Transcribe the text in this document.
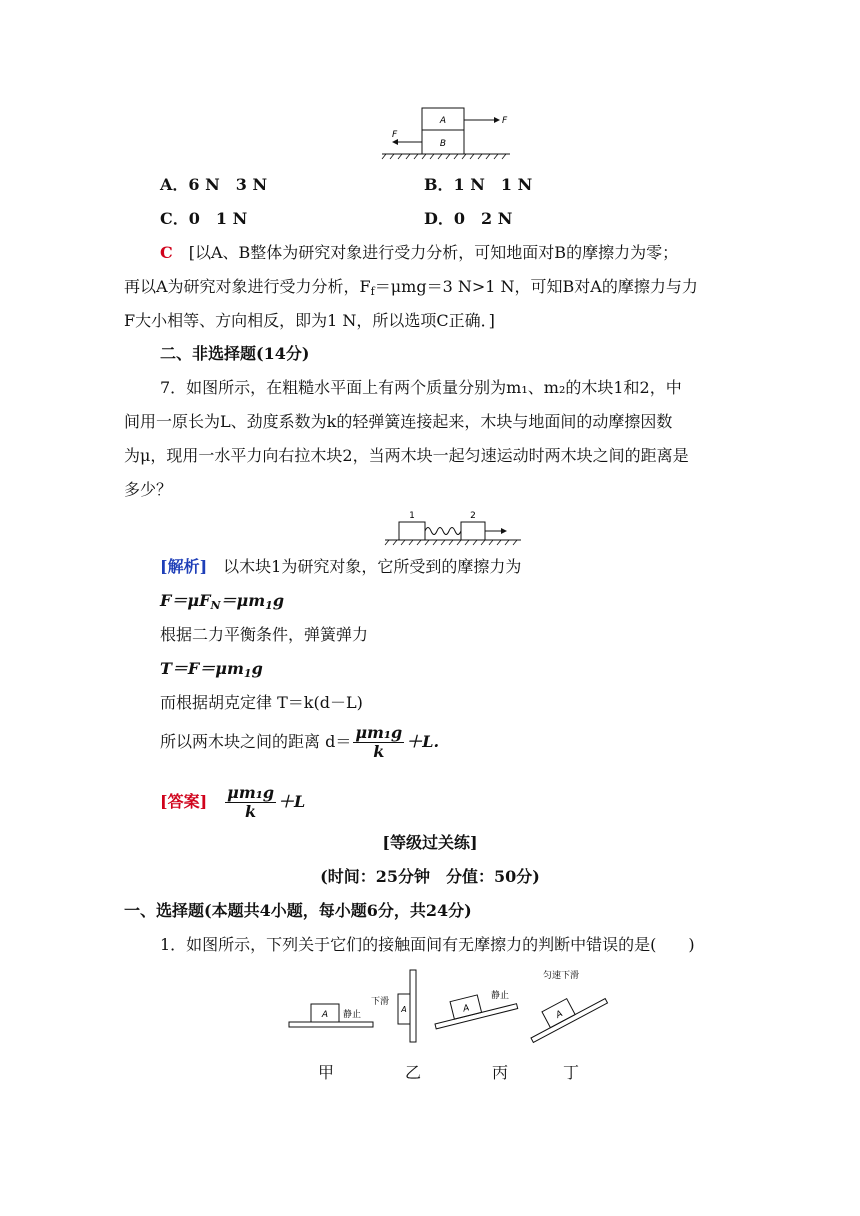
A
B
F
F
A．6 N　3 N	B．1 N　1 N
C．0　1 N	D．0　2 N
C　 [以A、B整体为研究对象进行受力分析，可知地面对B的摩擦力为零；
再以A为研究对象进行受力分析，$F_f=\mu mg=3$ N>1 N，可知B对A的摩擦力与力
F大小相等、方向相反，即为1 N，所以选项C正确．]
二、非选择题(14分)
7．如图所示，在粗糙水平面上有两个质量分别为m₁、m₂的木块1和2，中
间用一原长为L、劲度系数为k的轻弹簧连接起来，木块与地面间的动摩擦因数
为μ，现用一水平力向右拉木块2，当两木块一起匀速运动时两木块之间的距离是
多少？
1	2
[解析]　 以木块1为研究对象，它所受到的摩擦力为
$F=\mu F_N=\mu m_1g$
根据二力平衡条件，弹簧弹力
$T=F=\mu m_1g$
而根据胡克定律 T＝k(d－L)
所以两木块之间的距离 $d= \frac{\text{μm₁g}}{k} +L$.
[答案]　 $\frac{\text{μm₁g}}{k} +L$
[等级过关练]
(时间：25分钟　分值：50分)
一、选择题(本题共4小题，每小题6分，共24分)
1．如图所示，下列关于它们的接触面间有无摩擦力的判断中错误的是(　　)
A 静止
A
下滑
A
静止
A
匀速下滑
甲	乙	丙	丁
